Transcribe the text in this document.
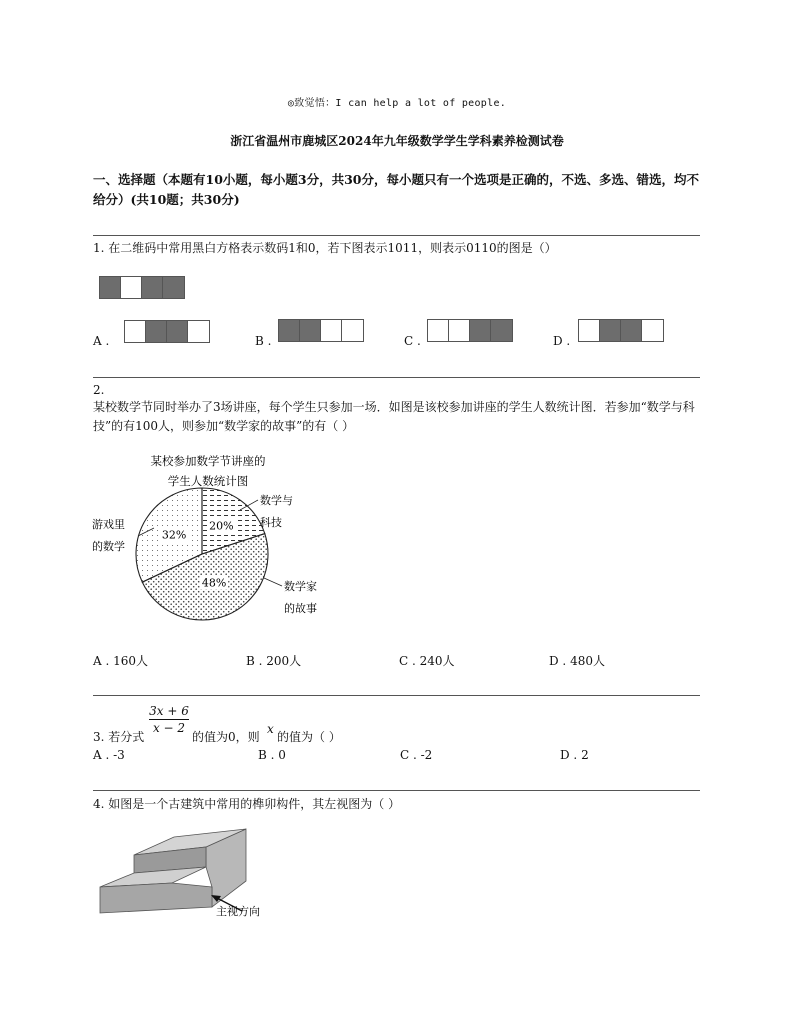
◎致觉悟：I can help a lot of people.
浙江省温州市鹿城区2024年九年级数学学生学科素养检测试卷
一、选择题（本题有10小题，每小题3分，共30分，每小题只有一个选项是正确的，不选、多选、错选，均不给分）(共10题；共30分)
1. 在二维码中常用黑白方格表示数码1和0，若下图表示1011，则表示0110的图是（）
A .	B .	C .	D .
2.
某校数学节同时举办了3场讲座，每个学生只参加一场．如图是该校参加讲座的学生人数统计图．若参加“数学与科技”的有100人，则参加“数学家的故事”的有（ ）
某校参加数学节讲座的
学生人数统计图
20%
48%
32%
数学与
科技
数学家
的故事
游戏里
的数学
A . 160人	B . 200人	C . 240人	D . 480人
3. 若分式
$\frac{3x + 6}{x - 2}$
的值为0，则
x
的值为（ ）
A . -3	B . 0	C . -2	D . 2
4. 如图是一个古建筑中常用的榫卯构件，其左视图为（ ）
主视方向
